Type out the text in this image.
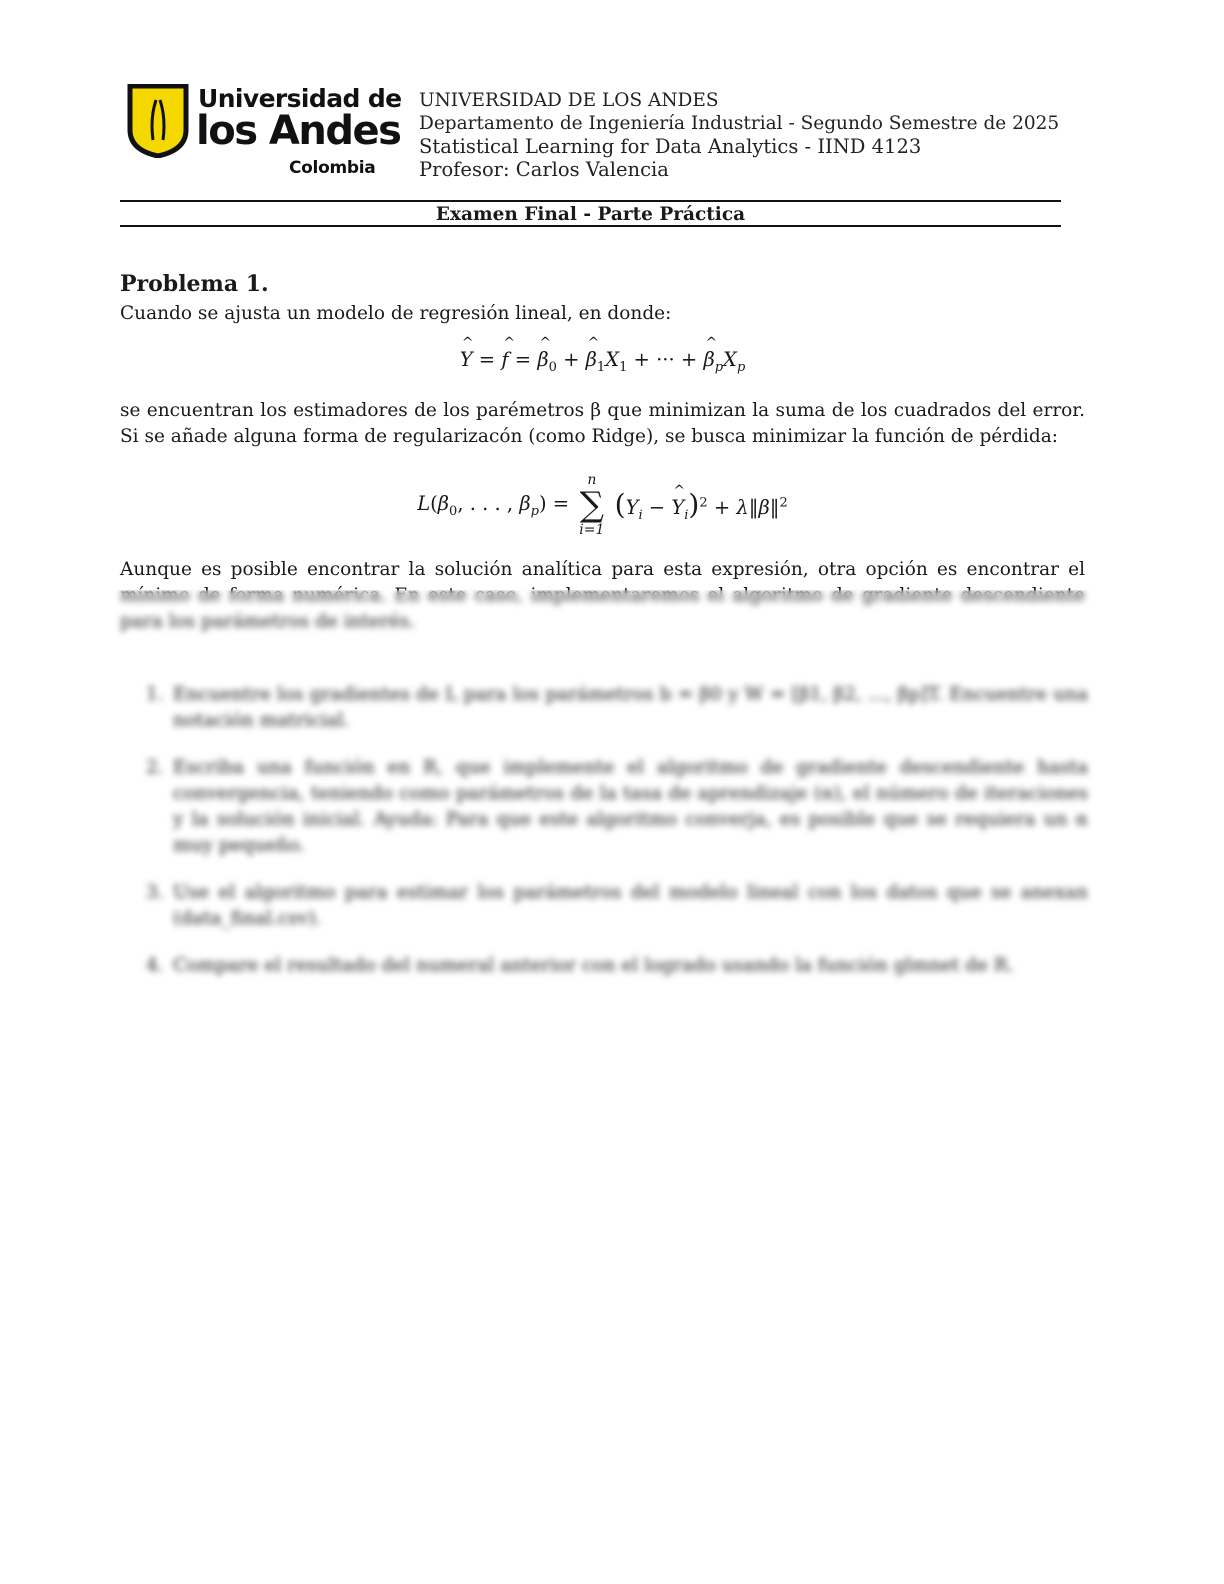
Universidad de
los Andes
Colombia
UNIVERSIDAD DE LOS ANDES
Departamento de Ingeniería Industrial - Segundo Semestre de 2025
Statistical Learning for Data Analytics - IIND 4123
Profesor: Carlos Valencia
Examen Final - Parte Práctica
Problema 1.
Cuando se ajusta un modelo de regresión lineal, en donde:
^ Y = ^ f = ^ $\beta_0$ + ^ $\beta_1X_1$ + ··· + ^ $\beta_pX_p$
se encuentran los estimadores de los parémetros β que minimizan la suma de los cuadrados del error. Si se añade alguna forma de regularizacón (como Ridge), se busca minimizar la función de pérdida:
$L(\beta_0$, . . . , $\beta_p$) =
n
∑
i=1
($Y_i$ − ^ $Y_i)^2$ + λ‖β‖$^2$
Aunque es posible encontrar la solución analítica para esta expresión, otra opción es encontrar el mínimo de forma numérica. En este caso, implementaremos el algoritmo de gradiente descendiente para los parámetros de interés.
1. Encuentre los gradientes de L para los parámetros b = β0 y W = [β1, β2, ..., βp]T. Encuentre una notación matricial.
2. Escriba una función en R, que implemente el algoritmo de gradiente descendiente hasta convergencia, teniendo como parámetros de la tasa de aprendizaje (α), el número de iteraciones y la solución inicial. Ayuda: Para que este algoritmo converja, es posible que se requiera un α muy pequeño.
3. Use el algoritmo para estimar los parámetros del modelo lineal con los datos que se anexan (data_final.csv).
4. Compare el resultado del numeral anterior con el logrado usando la función glmnet de R.
